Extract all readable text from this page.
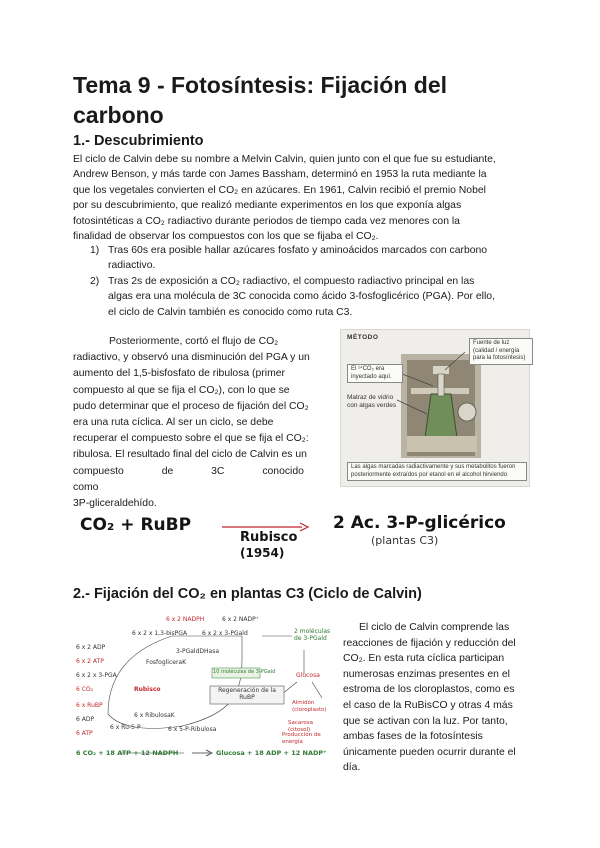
Tema 9 - Fotosíntesis: Fijación del carbono
1.- Descubrimiento
El ciclo de Calvin debe su nombre a Melvin Calvin, quien junto con el que fue su estudiante,
Andrew Benson, y más tarde con James Bassham, determinó en 1953 la ruta mediante la
que los vegetales convierten el CO₂ en azúcares. En 1961, Calvin recibió el premio Nobel
por su descubrimiento, que realizó mediante experimentos en los que exponía algas
fotosintéticas a CO₂ radiactivo durante periodos de tiempo cada vez menores con la
finalidad de observar los compuestos con los que se fijaba el CO₂.
1) Tras 60s era posible hallar azúcares fosfato y aminoácidos marcados con carbono
radiactivo.
2) Tras 2s de exposición a CO₂ radiactivo, el compuesto radiactivo principal en las
algas era una molécula de 3C conocida como ácido 3-fosfoglicérico (PGA). Por ello,
el ciclo de Calvin también es conocido como ruta C3.
Posteriormente, cortó el flujo de CO₂
radiactivo, y observó una disminución del PGA y un
aumento del 1,5-bisfosfato de ribulosa (primer
compuesto al que se fija el CO₂), con lo que se
pudo determinar que el proceso de fijación del CO₂
era una ruta cíclica. Al ser un ciclo, se debe
recuperar el compuesto sobre el que se fija el CO₂:
ribulosa. El resultado final del ciclo de Calvin es un
compuesto de 3C conocido como
3P-gliceraldehído.
MÉTODO
Fuente de luz (calidad / energía para la fotosíntesis)
El ¹⁴CO₂ era inyectado aquí.
Matraz de vidrio con algas verdes
Las algas marcadas radiactivamente y sus metabolitos fueron posteriormente extraídos por etanol en el alcohol hirviendo
CO₂ + RuBP
Rubisco
(1954)
2 Ac. 3-P-glicérico
(plantas C3)
2.- Fijación del CO₂ en plantas C3 (Ciclo de Calvin)
6 x 2 NADPH	6 x 2 NADP⁺
6 x 2 x 1,3-bisPGA 6 x 2 x 3-PGald
6 x 2 ADP
6 x 2 ATP	FosfogliceraK
3-PGaldDHasa
6 x 2 x 3-PGA
6 CO₂	Rubisco
6 x RuBP
6 ADP
6 ATP
6 x Ru-5-P
6 x RibulosaK
10 moléculas de 3-PGald
Regeneración de la RuBP
2 moléculas de 3-PGald
Glucosa
Almidón (cloroplasto)
Sacarosa (citosol)
Producción de energía
6 x 5-P-Ribulosa
6 CO₂ + 18 ATP + 12 NADPH	Glucosa + 18 ADP + 12 NADP⁺
El ciclo de Calvin comprende las
reacciones de fijación y reducción del
CO₂. En esta ruta cíclica participan
numerosas enzimas presentes en el
estroma de los cloroplastos, como es
el caso de la RuBisCO y otras 4 más
que se activan con la luz. Por tanto,
ambas fases de la fotosíntesis
únicamente pueden ocurrir durante el
día.
